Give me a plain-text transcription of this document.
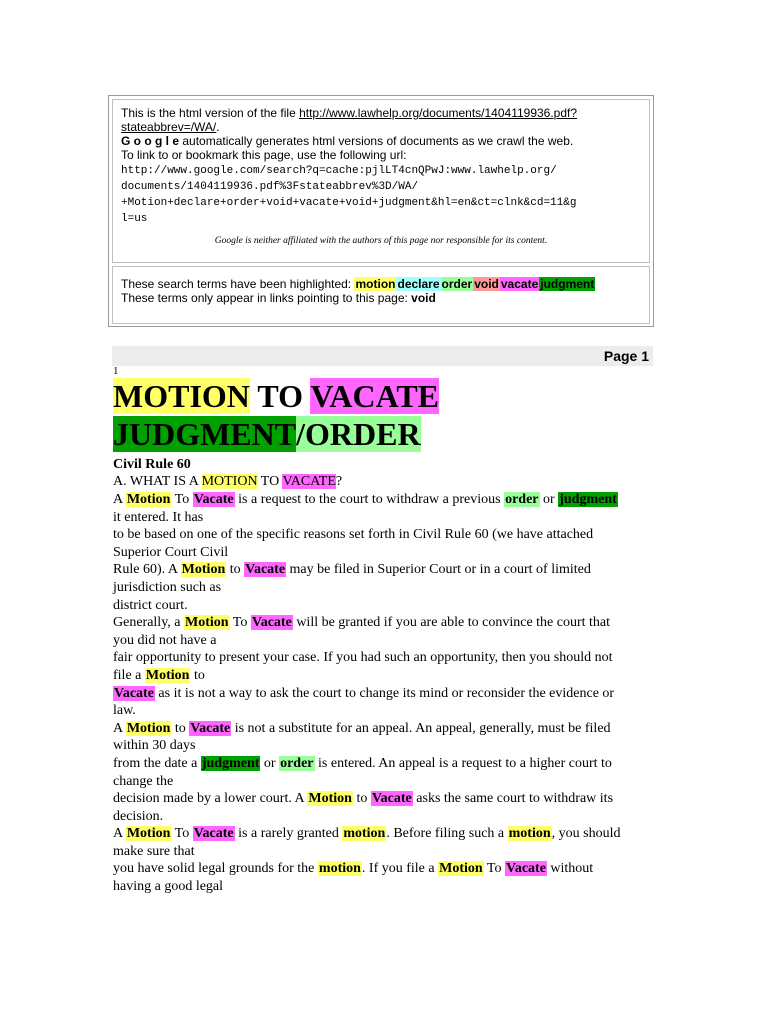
This is the html version of the file http://www.lawhelp.org/documents/1404119936.pdf?
stateabbrev=/WA/.
G o o g l e automatically generates html versions of documents as we crawl the web.
To link to or bookmark this page, use the following url:
http://www.google.com/search?q=cache:pjlLT4cnQPwJ:www.lawhelp.org/
documents/1404119936.pdf%3Fstateabbrev%3D/WA/
+Motion+declare+order+void+vacate+void+judgment&hl=en&ct=clnk&cd=11&g
l=us
Google is neither affiliated with the authors of this page nor responsible for its content.
These search terms have been highlighted: motion declare order void vacate judgment
These terms only appear in links pointing to this page: void
Page 1
1
MOTION TO VACATE
JUDGMENT/ORDER
Civil Rule 60
A. WHAT IS A MOTION TO VACATE?

A Motion To Vacate is a request to the court to withdraw a previous order or judgment

it entered. It has

to be based on one of the specific reasons set forth in Civil Rule 60 (we have attached

Superior Court Civil

Rule 60). A Motion to Vacate may be filed in Superior Court or in a court of limited

jurisdiction such as

district court.

Generally, a Motion To Vacate will be granted if you are able to convince the court that

you did not have a

fair opportunity to present your case. If you had such an opportunity, then you should not

file a Motion to

Vacate as it is not a way to ask the court to change its mind or reconsider the evidence or

law.

A Motion to Vacate is not a substitute for an appeal. An appeal, generally, must be filed

within 30 days

from the date a judgment or order is entered. An appeal is a request to a higher court to

change the

decision made by a lower court. A Motion to Vacate asks the same court to withdraw its

decision.

A Motion To Vacate is a rarely granted motion. Before filing such a motion, you should

make sure that

you have solid legal grounds for the motion. If you file a Motion To Vacate without

having a good legal
